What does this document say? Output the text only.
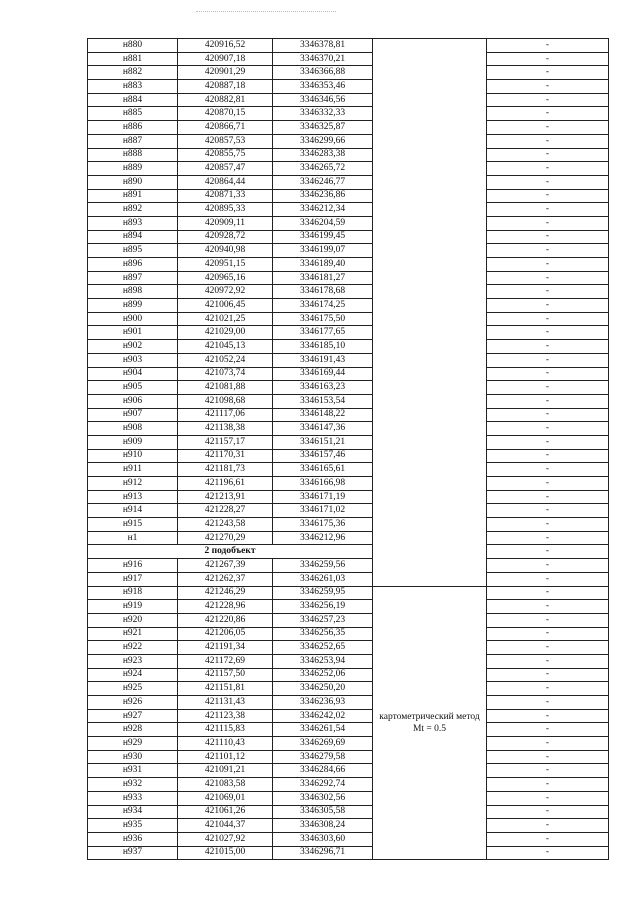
н880	420916,52	3346378,81		-
н881	420907,18	3346370,21		-
н882	420901,29	3346366,88		-
н883	420887,18	3346353,46		-
н884	420882,81	3346346,56		-
н885	420870,15	3346332,33		-
н886	420866,71	3346325,87		-
н887	420857,53	3346299,66		-
н888	420855,75	3346283,38		-
н889	420857,47	3346265,72		-
н890	420864,44	3346246,77		-
н891	420871,33	3346236,86		-
н892	420895,33	3346212,34		-
н893	420909,11	3346204,59		-
н894	420928,72	3346199,45		-
н895	420940,98	3346199,07		-
н896	420951,15	3346189,40		-
н897	420965,16	3346181,27		-
н898	420972,92	3346178,68		-
н899	421006,45	3346174,25		-
н900	421021,25	3346175,50		-
н901	421029,00	3346177,65		-
н902	421045,13	3346185,10		-
н903	421052,24	3346191,43		-
н904	421073,74	3346169,44		-
н905	421081,88	3346163,23		-
н906	421098,68	3346153,54		-
н907	421117,06	3346148,22		-
н908	421138,38	3346147,36		-
н909	421157,17	3346151,21		-
н910	421170,31	3346157,46		-
н911	421181,73	3346165,61		-
н912	421196,61	3346166,98		-
н913	421213,91	3346171,19		-
н914	421228,27	3346171,02		-
н915	421243,58	3346175,36		-
н1	421270,29	3346212,96		-
2 подобъект				-
н916	421267,39	3346259,56		-
н917	421262,37	3346261,03		-
н918	421246,29	3346259,95	картометрический метод Mt = 0.5	-
н919	421228,96	3346256,19		-
н920	421220,86	3346257,23		-
н921	421206,05	3346256,35		-
н922	421191,34	3346252,65		-
н923	421172,69	3346253,94		-
н924	421157,50	3346252,06		-
н925	421151,81	3346250,20		-
н926	421131,43	3346236,93		-
н927	421123,38	3346242,02		-
н928	421115,83	3346261,54		-
н929	421110,43	3346269,69		-
н930	421101,12	3346279,58		-
н931	421091,21	3346284,66		-
н932	421083,58	3346292,74		-
н933	421069,01	3346302,56		-
н934	421061,26	3346305,58		-
н935	421044,37	3346308,24		-
н936	421027,92	3346303,60		-
н937	421015,00	3346296,71		-
